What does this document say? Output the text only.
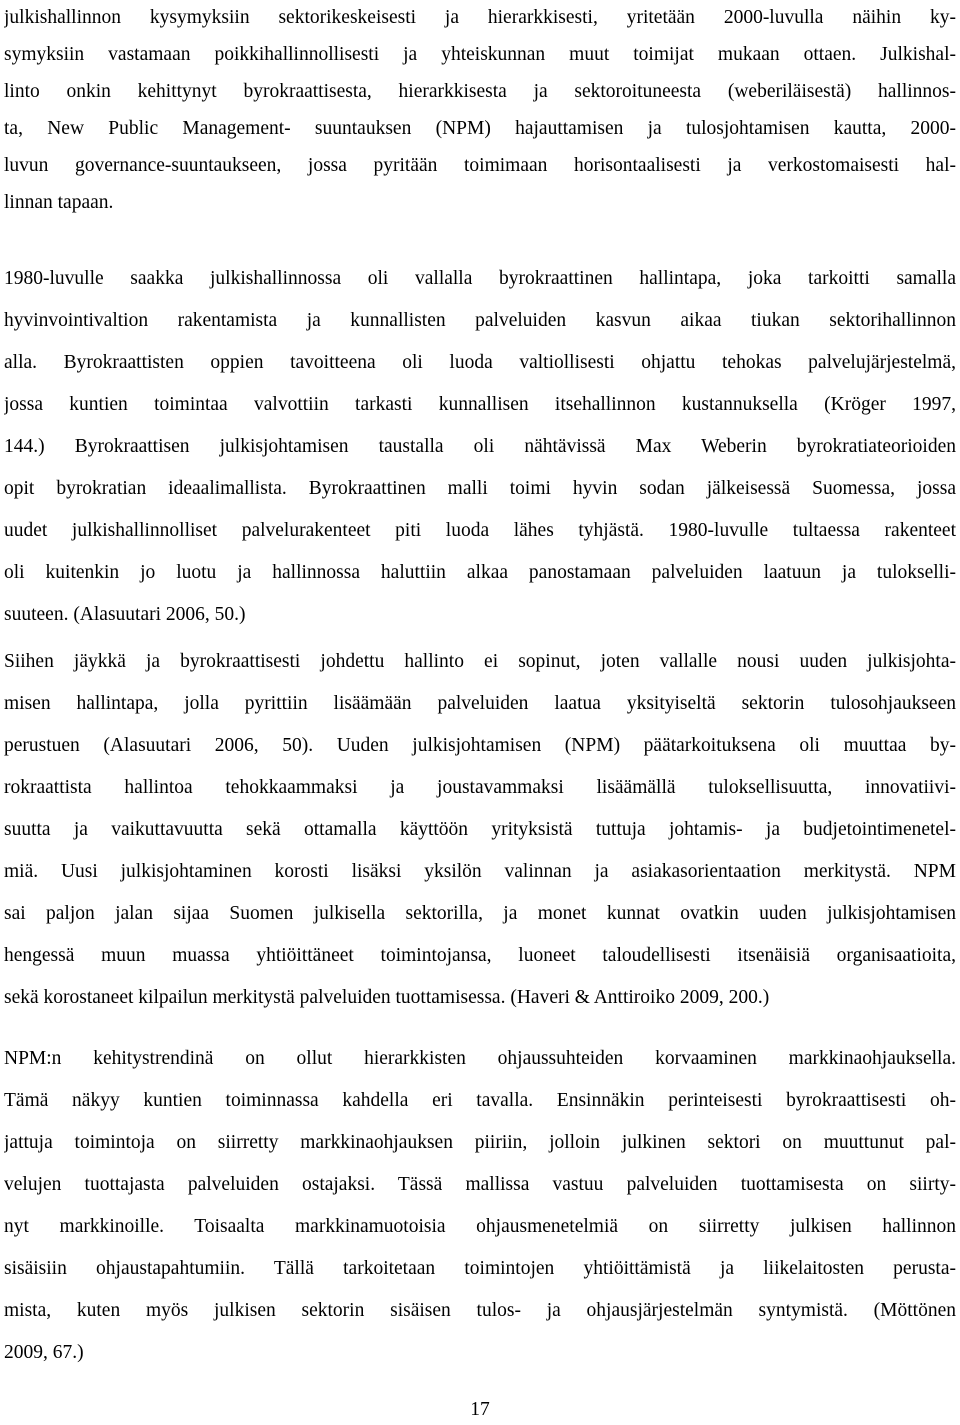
julkishallinnon kysymyksiin sektorikeskeisesti ja hierarkkisesti, yritetään 2000-luvulla näihin ky-
symyksiin vastamaan poikkihallinnollisesti ja yhteiskunnan muut toimijat mukaan ottaen. Julkishal-
linto onkin kehittynyt byrokraattisesta, hierarkkisesta ja sektoroituneesta (weberiläisestä) hallinnos-
ta, New Public Management- suuntauksen (NPM) hajauttamisen ja tulosjohtamisen kautta, 2000-
luvun governance-suuntaukseen, jossa pyritään toimimaan horisontaalisesti ja verkostomaisesti hal-
linnan tapaan.
1980-luvulle saakka julkishallinnossa oli vallalla byrokraattinen hallintapa, joka tarkoitti samalla
hyvinvointivaltion rakentamista ja kunnallisten palveluiden kasvun aikaa tiukan sektorihallinnon
alla. Byrokraattisten oppien tavoitteena oli luoda valtiollisesti ohjattu tehokas palvelujärjestelmä,
jossa kuntien toimintaa valvottiin tarkasti kunnallisen itsehallinnon kustannuksella (Kröger 1997,
144.) Byrokraattisen julkisjohtamisen taustalla oli nähtävissä Max Weberin byrokratiateorioiden
opit byrokratian ideaalimallista. Byrokraattinen malli toimi hyvin sodan jälkeisessä Suomessa, jossa
uudet julkishallinnolliset palvelurakenteet piti luoda lähes tyhjästä. 1980-luvulle tultaessa rakenteet
oli kuitenkin jo luotu ja hallinnossa haluttiin alkaa panostamaan palveluiden laatuun ja tulokselli-
suuteen. (Alasuutari 2006, 50.)
Siihen jäykkä ja byrokraattisesti johdettu hallinto ei sopinut, joten vallalle nousi uuden julkisjohta-
misen hallintapa, jolla pyrittiin lisäämään palveluiden laatua yksityiseltä sektorin tulosohjaukseen
perustuen (Alasuutari 2006, 50). Uuden julkisjohtamisen (NPM) päätarkoituksena oli muuttaa by-
rokraattista hallintoa tehokkaammaksi ja joustavammaksi lisäämällä tuloksellisuutta, innovatiivi-
suutta ja vaikuttavuutta sekä ottamalla käyttöön yrityksistä tuttuja johtamis- ja budjetointimenetel-
miä. Uusi julkisjohtaminen korosti lisäksi yksilön valinnan ja asiakasorientaation merkitystä. NPM
sai paljon jalan sijaa Suomen julkisella sektorilla, ja monet kunnat ovatkin uuden julkisjohtamisen
hengessä muun muassa yhtiöittäneet toimintojansa, luoneet taloudellisesti itsenäisiä organisaatioita,
sekä korostaneet kilpailun merkitystä palveluiden tuottamisessa. (Haveri & Anttiroiko 2009, 200.)
NPM:n kehitystrendinä on ollut hierarkkisten ohjaussuhteiden korvaaminen markkinaohjauksella.
Tämä näkyy kuntien toiminnassa kahdella eri tavalla. Ensinnäkin perinteisesti byrokraattisesti oh-
jattuja toimintoja on siirretty markkinaohjauksen piiriin, jolloin julkinen sektori on muuttunut pal-
velujen tuottajasta palveluiden ostajaksi. Tässä mallissa vastuu palveluiden tuottamisesta on siirty-
nyt markkinoille. Toisaalta markkinamuotoisia ohjausmenetelmiä on siirretty julkisen hallinnon
sisäisiin ohjaustapahtumiin. Tällä tarkoitetaan toimintojen yhtiöittämistä ja liikelaitosten perusta-
mista, kuten myös julkisen sektorin sisäisen tulos- ja ohjausjärjestelmän syntymistä. (Möttönen
2009, 67.)
17
